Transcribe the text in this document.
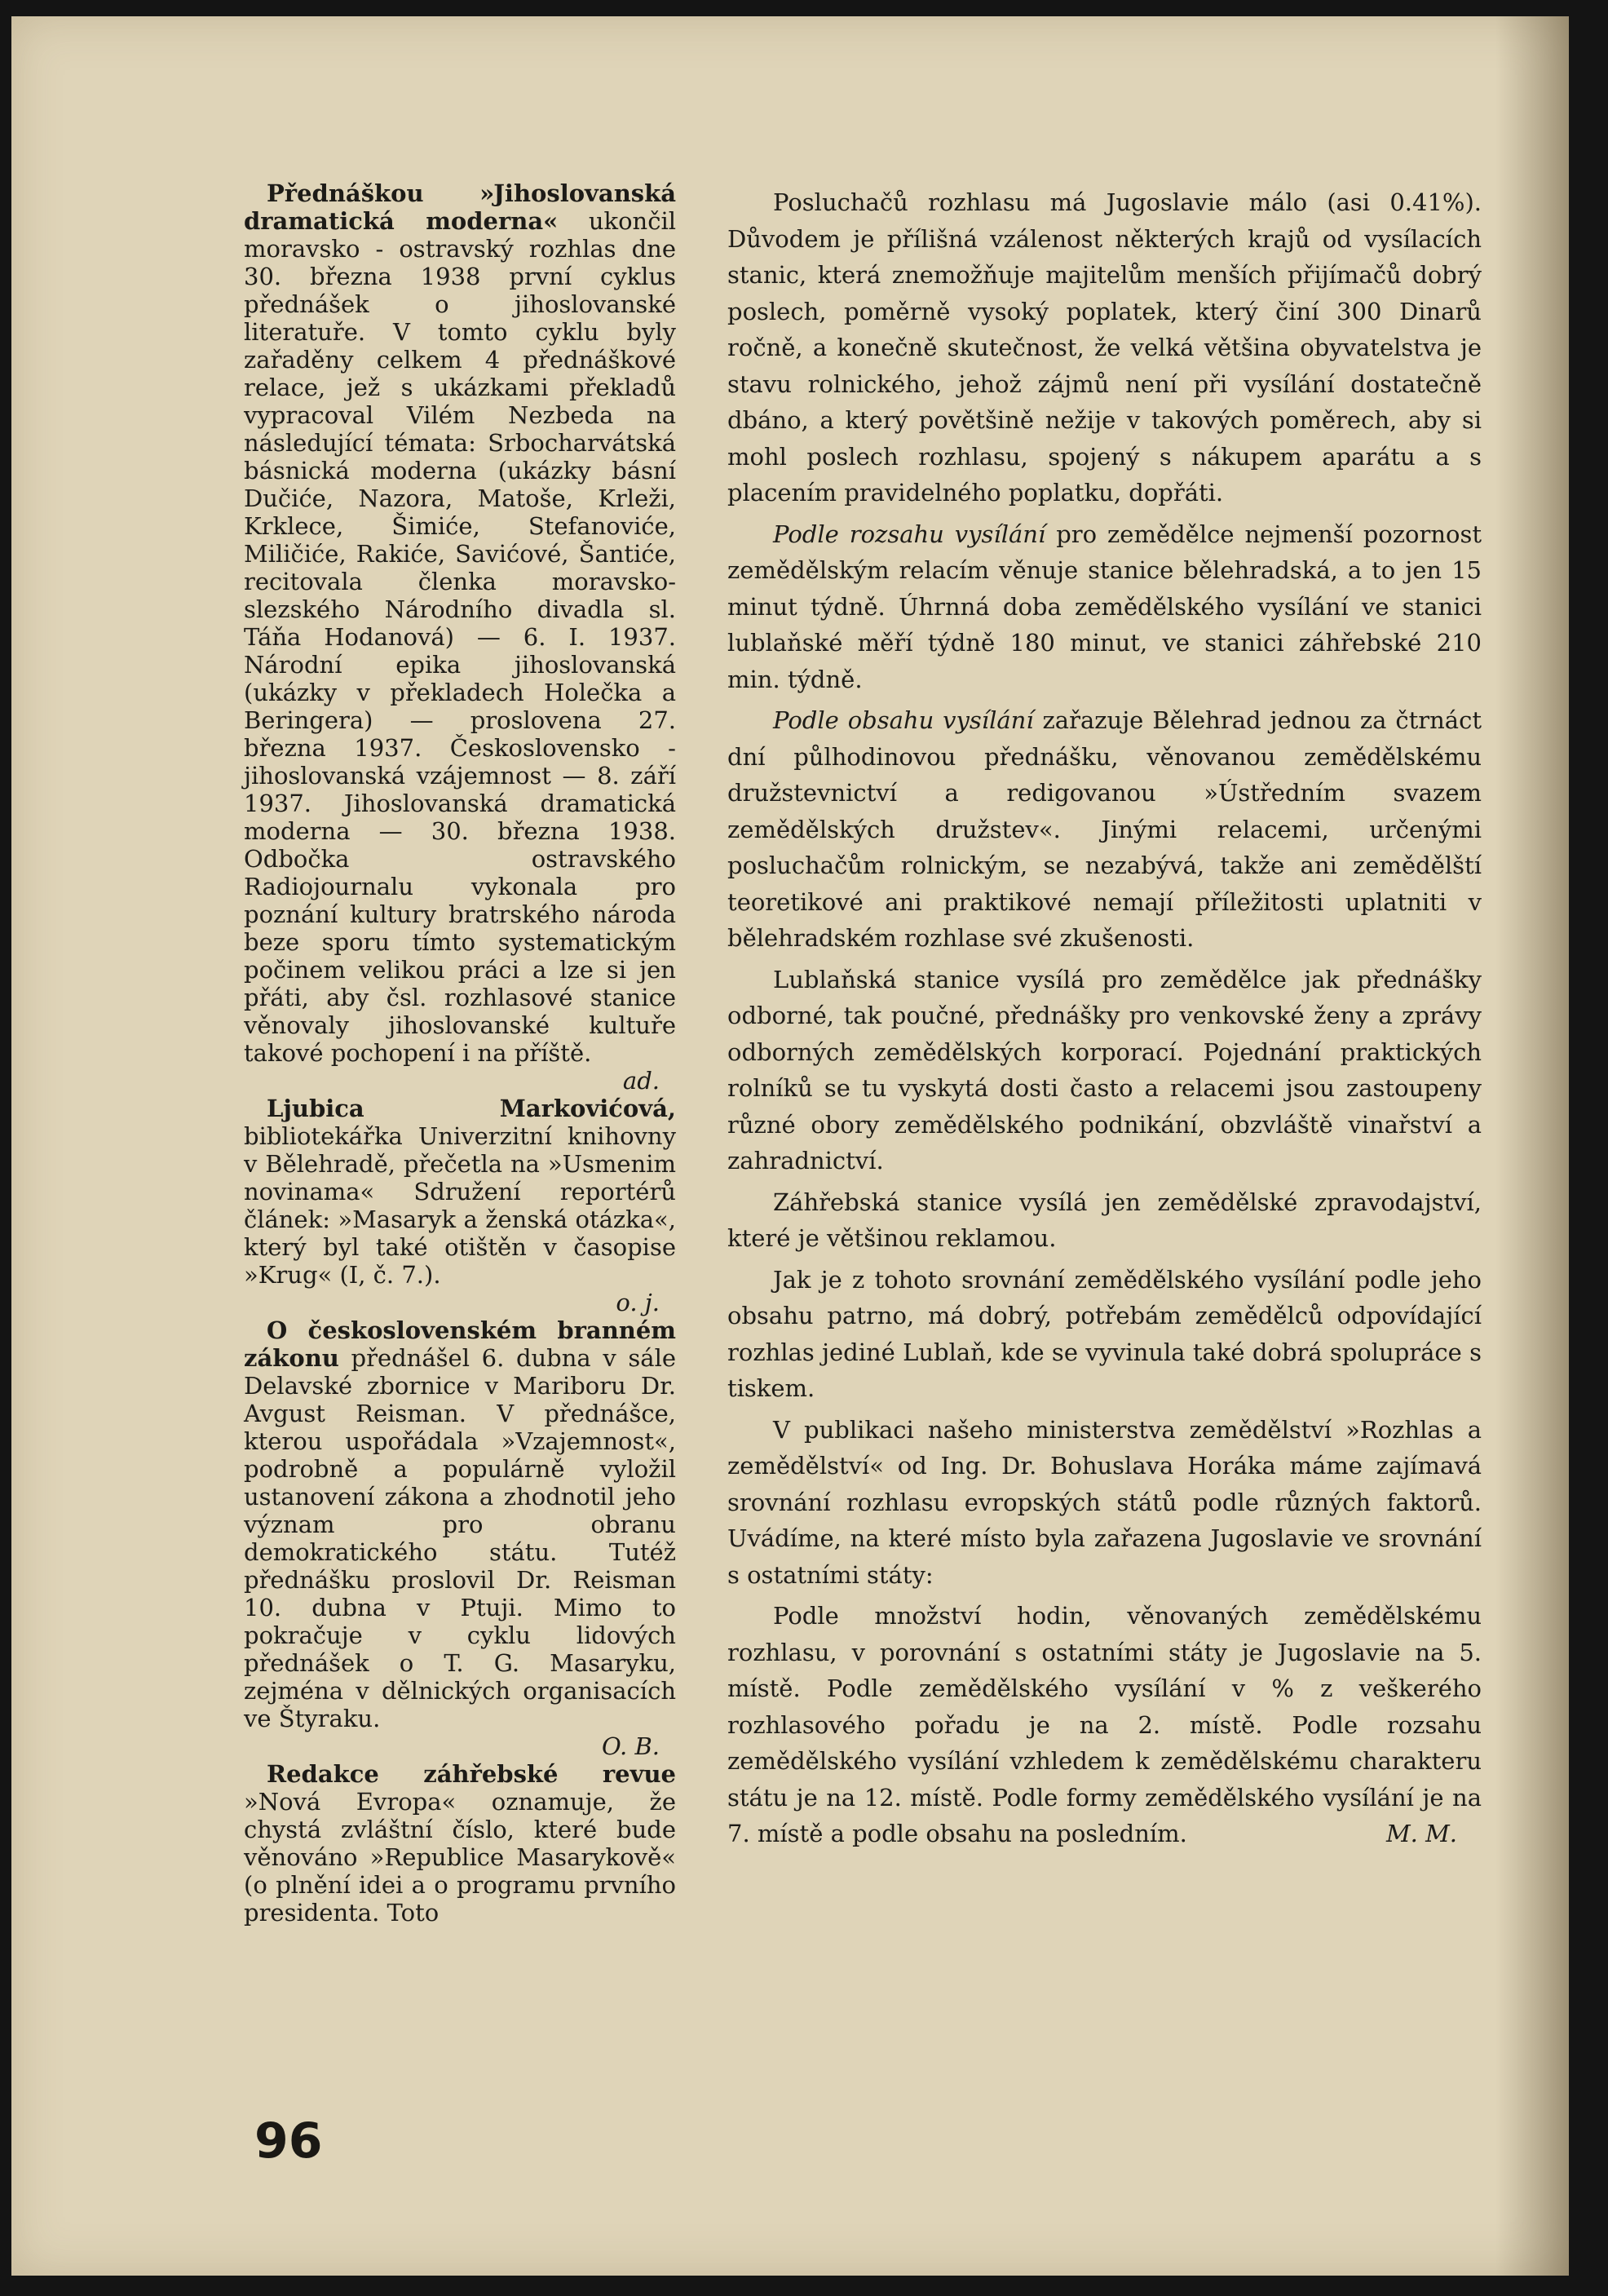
Přednáškou »Jihoslovanská dramatická moderna« ukončil moravsko - ostravský rozhlas dne 30. března 1938 první cyklus přednášek o jihoslovanské literatuře. V tomto cyklu byly zařaděny celkem 4 přednáškové relace, jež s ukázkami překladů vypracoval Vilém Nezbeda na následující témata: Srbocharvátská básnická moderna (ukázky básní Dučiće, Nazora, Matoše, Krleži, Krklece, Šimiće, Stefanoviće, Miličiće, Rakiće, Savićové, Šantiće, recitovala členka moravsko-slezského Národního divadla sl. Táňa Hodanová) — 6. I. 1937. Národní epika jihoslovanská (ukázky v překladech Holečka a Beringera) — proslovena 27. března 1937. Československo - jihoslovanská vzájemnost — 8. září 1937. Jihoslovanská dramatická moderna — 30. března 1938. Odbočka ostravského Radiojournalu vykonala pro poznání kultury bratrského národa beze sporu tímto systematickým počinem velikou práci a lze si jen přáti, aby čsl. rozhlasové stanice věnovaly jihoslovanské kultuře takové pochopení i na příště.

ad.

Ljubica Markovićová, bibliotekářka Univerzitní knihovny v Bělehradě, přečetla na »Usmenim novinama« Sdružení reportérů článek: »Masaryk a ženská otázka«, který byl také otištěn v časopise »Krug« (I, č. 7.).

o. j.

O československém branném zákonu přednášel 6. dubna v sále Delavské zbornice v Mariboru Dr. Avgust Reisman. V přednášce, kterou uspořádala »Vzajemnost«, podrobně a populárně vyložil ustanovení zákona a zhodnotil jeho význam pro obranu demokratického státu. Tutéž přednášku proslovil Dr. Reisman 10. dubna v Ptuji. Mimo to pokračuje v cyklu lidových přednášek o T. G. Masaryku, zejména v dělnických organisacích ve Štyraku.

O. B.

Redakce záhřebské revue »Nová Evropa« oznamuje, že chystá zvláštní číslo, které bude věnováno »Republice Masarykově« (o plnění idei a o programu prvního presidenta. Toto

Posluchačů rozhlasu má Jugoslavie málo (asi 0.41%). Důvodem je přílišná vzálenost některých krajů od vysílacích stanic, která znemožňuje majitelům menších přijímačů dobrý poslech, poměrně vysoký poplatek, který činí 300 Dinarů ročně, a konečně skutečnost, že velká většina obyvatelstva je stavu rolnického, jehož zájmů není při vysílání dostatečně dbáno, a který povětšině nežije v takových poměrech, aby si mohl poslech rozhlasu, spojený s nákupem aparátu a s placením pravidelného poplatku, dopřáti.

Podle rozsahu vysílání pro zemědělce nejmenší pozornost zemědělským relacím věnuje stanice bělehradská, a to jen 15 minut týdně. Úhrnná doba zemědělského vysílání ve stanici lublaňské měří týdně 180 minut, ve stanici záhřebské 210 min. týdně.

Podle obsahu vysílání zařazuje Bělehrad jednou za čtrnáct dní půlhodinovou přednášku, věnovanou zemědělskému družstevnictví a redigovanou »Ústředním svazem zemědělských družstev«. Jinými relacemi, určenými posluchačům rolnickým, se nezabývá, takže ani zemědělští teoretikové ani praktikové nemají příležitosti uplatniti v bělehradském rozhlase své zkušenosti.

Lublaňská stanice vysílá pro zemědělce jak přednášky odborné, tak poučné, přednášky pro venkovské ženy a zprávy odborných zemědělských korporací. Pojednání praktických rolníků se tu vyskytá dosti často a relacemi jsou zastoupeny různé obory zemědělského podnikání, obzvláště vinařství a zahradnictví.

Záhřebská stanice vysílá jen zemědělské zpravodajství, které je většinou reklamou.

Jak je z tohoto srovnání zemědělského vysílání podle jeho obsahu patrno, má dobrý, potřebám zemědělců odpovídající rozhlas jediné Lublaň, kde se vyvinula také dobrá spolupráce s tiskem.

V publikaci našeho ministerstva zemědělství »Rozhlas a zemědělství« od Ing. Dr. Bohuslava Horáka máme zajímavá srovnání rozhlasu evropských států podle různých faktorů. Uvádíme, na které místo byla zařazena Jugoslavie ve srovnání s ostatními státy:

Podle množství hodin, věnovaných zemědělskému rozhlasu, v porovnání s ostatními státy je Jugoslavie na 5. místě. Podle zemědělského vysílání v % z veškerého rozhlasového pořadu je na 2. místě. Podle rozsahu zemědělského vysílání vzhledem k zemědělskému charakteru státu je na 12. místě. Podle formy zemědělského vysílání je na 7. místě a podle obsahu na posledním.	M. M.

96
